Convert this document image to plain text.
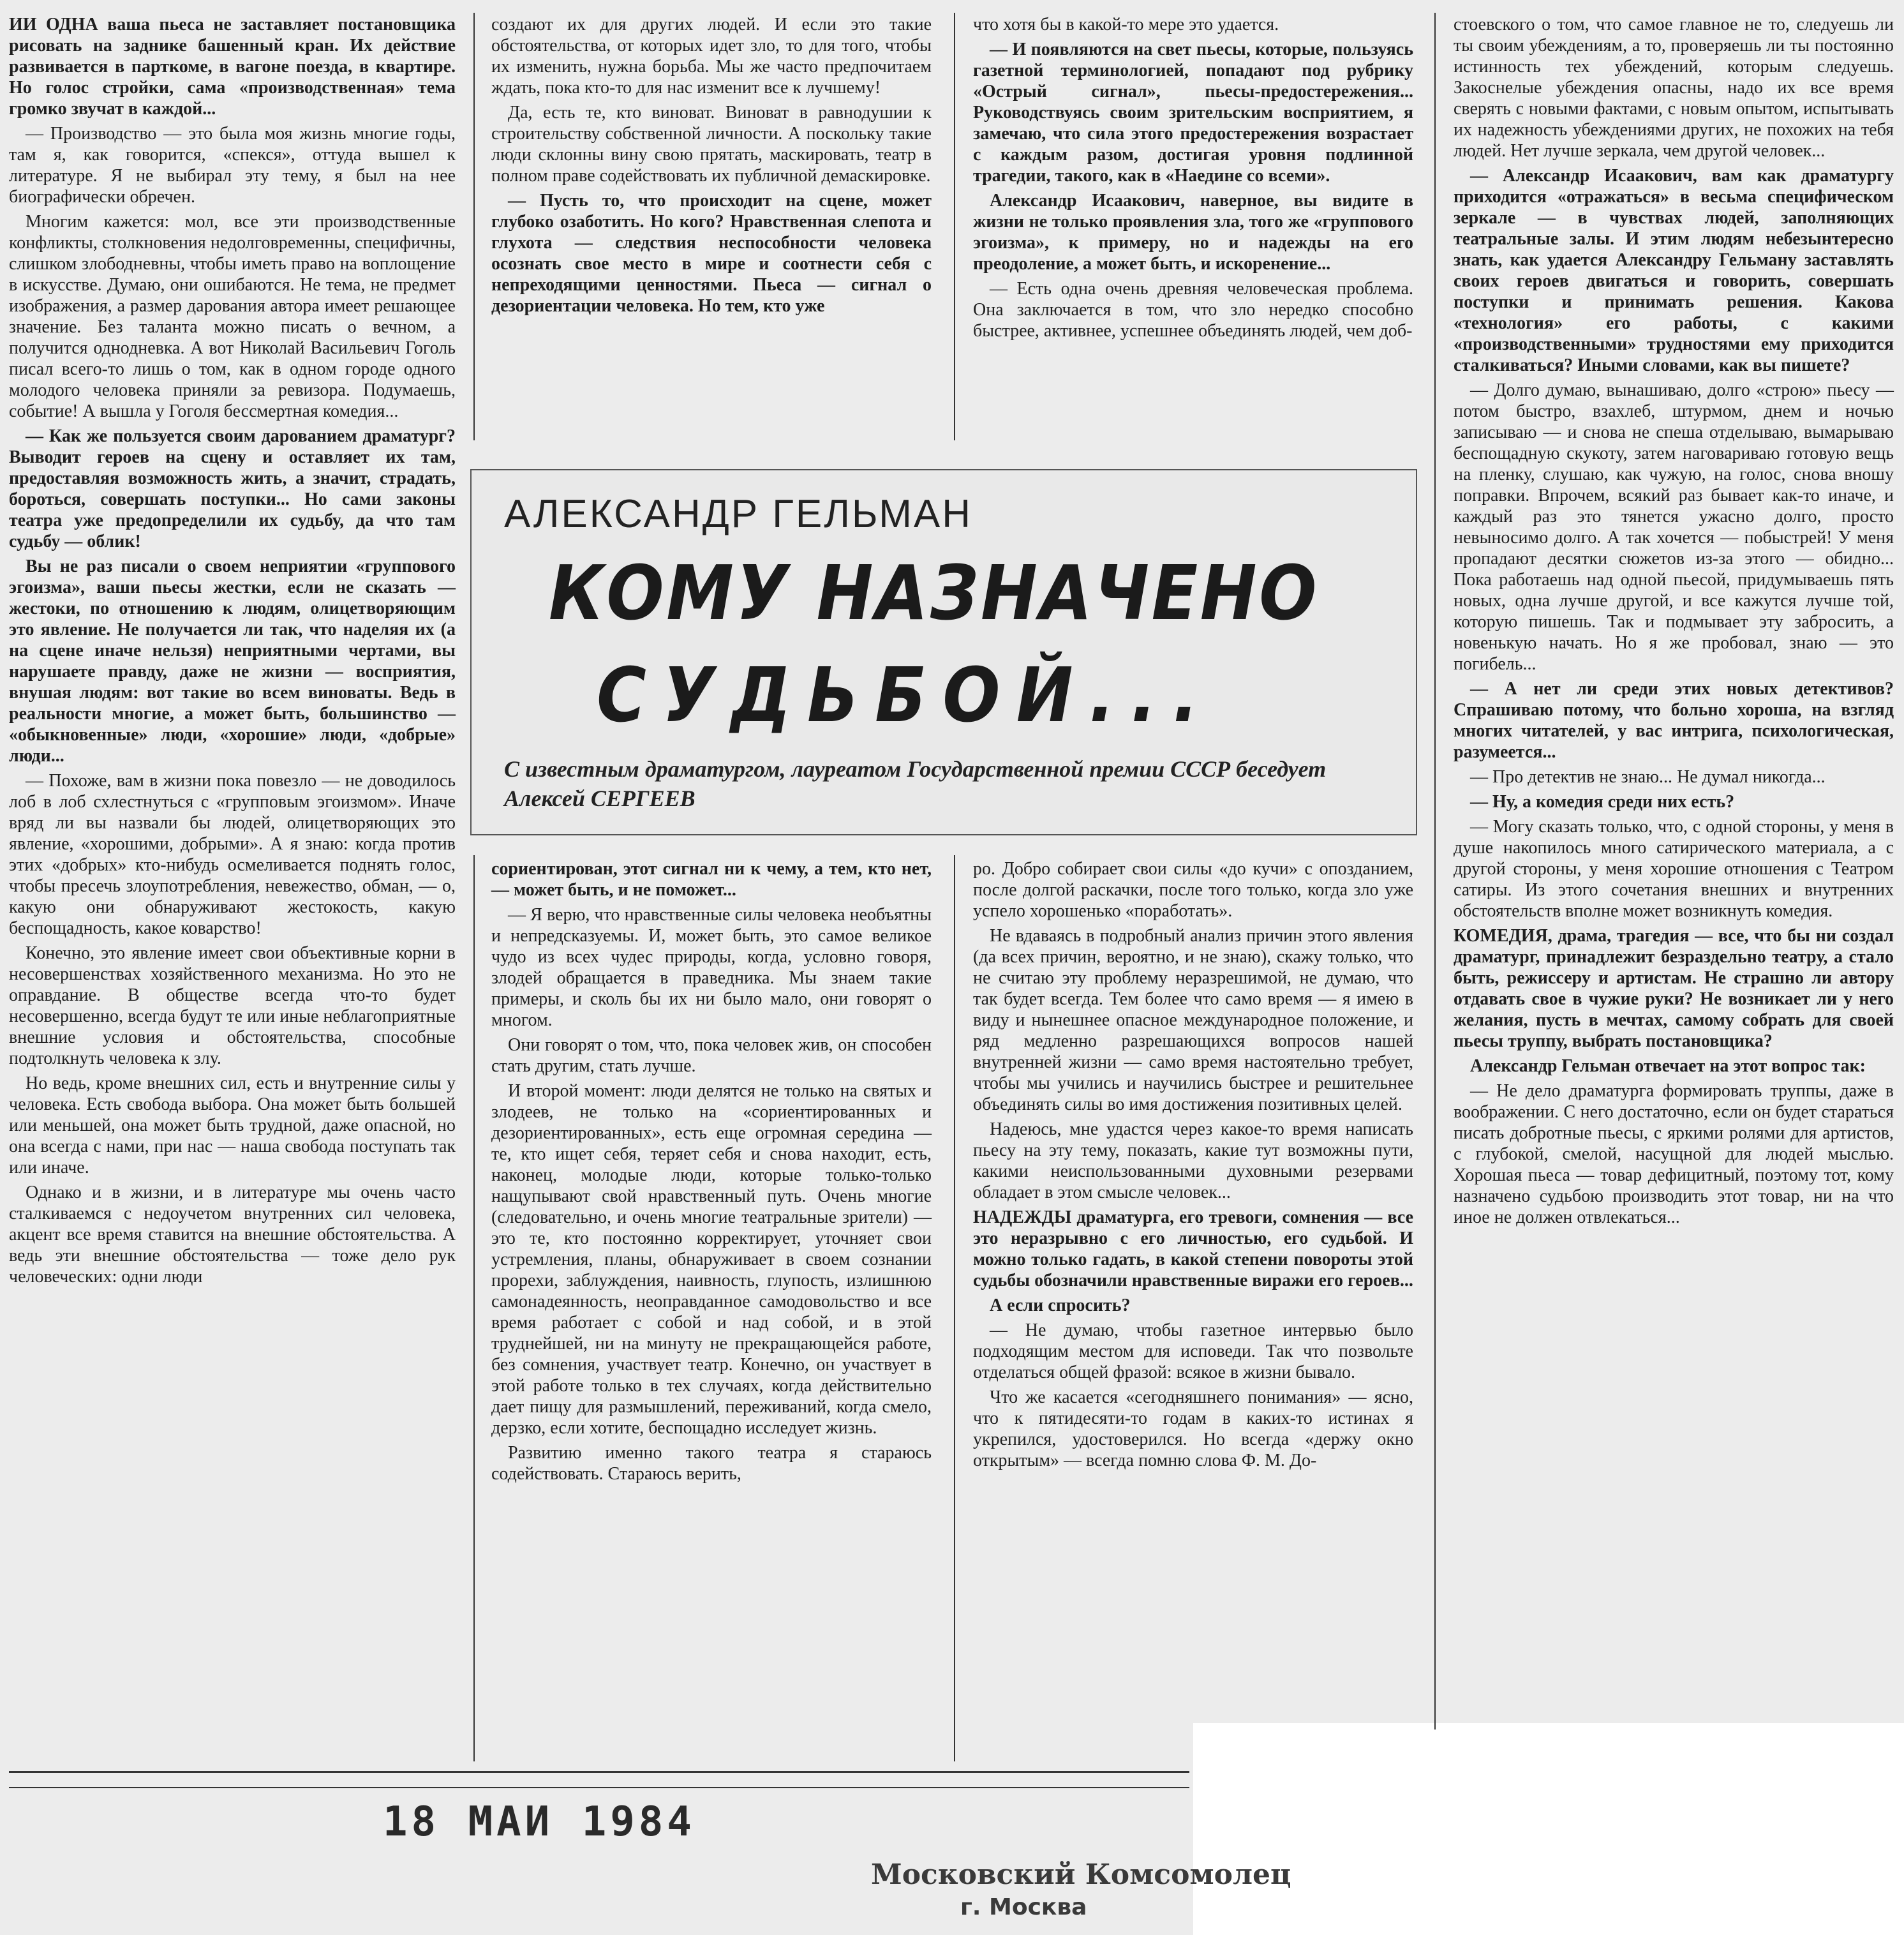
ИИ ОДНА ваша пьеса не заставляет постановщика рисовать на заднике башенный кран. Их действие развивается в парткоме, в вагоне поезда, в квартире. Но голос стройки, сама «производственная» тема громко звучат в каждой...

— Производство — это была моя жизнь многие годы, там я, как говорится, «спекся», оттуда вышел к литературе. Я не выбирал эту тему, я был на нее биографически обречен.

Многим кажется: мол, все эти производственные конфликты, столкновения недолговременны, специфичны, слишком злободневны, чтобы иметь право на воплощение в искусстве. Думаю, они ошибаются. Не тема, не предмет изображения, а размер дарования автора имеет решающее значение. Без таланта можно писать о вечном, а получится однодневка. А вот Николай Васильевич Гоголь писал всего-то лишь о том, как в одном городе одного молодого человека приняли за ревизора. Подумаешь, событие! А вышла у Гоголя бессмертная комедия...

— Как же пользуется своим дарованием драматург? Выводит героев на сцену и оставляет их там, предоставляя возможность жить, а значит, страдать, бороться, совершать поступки... Но сами законы театра уже предопределили их судьбу, да что там судьбу — облик!

Вы не раз писали о своем неприятии «группового эгоизма», ваши пьесы жестки, если не сказать — жестоки, по отношению к людям, олицетворяющим это явление. Не получается ли так, что наделяя их (а на сцене иначе нельзя) неприятными чертами, вы нарушаете правду, даже не жизни — восприятия, внушая людям: вот такие во всем виноваты. Ведь в реальности многие, а может быть, большинство — «обыкновенные» люди, «хорошие» люди, «добрые» люди...

— Похоже, вам в жизни пока повезло — не доводилось лоб в лоб схлестнуться с «групповым эгоизмом». Иначе вряд ли вы назвали бы людей, олицетворяющих это явление, «хорошими, добрыми». А я знаю: когда против этих «добрых» кто-нибудь осмеливается поднять голос, чтобы пресечь злоупотребления, невежество, обман, — о, какую они обнаруживают жестокость, какую беспощадность, какое коварство!

Конечно, это явление имеет свои объективные корни в несовершенствах хозяйственного механизма. Но это не оправдание. В обществе всегда что-то будет несовершенно, всегда будут те или иные неблагоприятные внешние условия и обстоятельства, способные подтолкнуть человека к злу.

Но ведь, кроме внешних сил, есть и внутренние силы у человека. Есть свобода выбора. Она может быть большей или меньшей, она может быть трудной, даже опасной, но она всегда с нами, при нас — наша свобода поступать так или иначе.

Однако и в жизни, и в литературе мы очень часто сталкиваемся с недоучетом внутренних сил человека, акцент все время ставится на внешние обстоятельства. А ведь эти внешние обстоятельства — тоже дело рук человеческих: одни люди

создают их для других людей. И если это такие обстоятельства, от которых идет зло, то для того, чтобы их изменить, нужна борьба. Мы же часто предпочитаем ждать, пока кто-то для нас изменит все к лучшему!

Да, есть те, кто виноват. Виноват в равнодушии к строительству собственной личности. А поскольку такие люди склонны вину свою прятать, маскировать, театр в полном праве содействовать их публичной демаскировке.

— Пусть то, что происходит на сцене, может глубоко озаботить. Но кого? Нравственная слепота и глухота — следствия неспособности человека осознать свое место в мире и соотнести себя с непреходящими ценностями. Пьеса — сигнал о дезориентации человека. Но тем, кто уже

что хотя бы в какой-то мере это удается.

— И появляются на свет пьесы, которые, пользуясь газетной терминологией, попадают под рубрику «Острый сигнал», пьесы-предостережения... Руководствуясь своим зрительским восприятием, я замечаю, что сила этого предостережения возрастает с каждым разом, достигая уровня подлинной трагедии, такого, как в «Наедине со всеми».

Александр Исаакович, наверное, вы видите в жизни не только проявления зла, того же «группового эгоизма», к примеру, но и надежды на его преодоление, а может быть, и искоренение...

— Есть одна очень древняя человеческая проблема. Она заключается в том, что зло нередко способно быстрее, активнее, успешнее объединять людей, чем доб-

стоевского о том, что самое главное не то, следуешь ли ты своим убеждениям, а то, проверяешь ли ты постоянно истинность тех убеждений, которым следуешь. Закоснелые убеждения опасны, надо их все время сверять с новыми фактами, с новым опытом, испытывать их надежность убеждениями других, не похожих на тебя людей. Нет лучше зеркала, чем другой человек...

— Александр Исаакович, вам как драматургу приходится «отражаться» в весьма специфическом зеркале — в чувствах людей, заполняющих театральные залы. И этим людям небезынтересно знать, как удается Александру Гельману заставлять своих героев двигаться и говорить, совершать поступки и принимать решения. Какова «технология» его работы, с какими «производственными» трудностями ему приходится сталкиваться? Иными словами, как вы пишете?

— Долго думаю, вынашиваю, долго «строю» пьесу — потом быстро, взахлеб, штурмом, днем и ночью записываю — и снова не спеша отделываю, вымарываю беспощадную скукоту, затем наговариваю готовую вещь на пленку, слушаю, как чужую, на голос, снова вношу поправки. Впрочем, всякий раз бывает как-то иначе, и каждый раз это тянется ужасно долго, просто невыносимо долго. А так хочется — побыстрей! У меня пропадают десятки сюжетов из-за этого — обидно... Пока работаешь над одной пьесой, придумываешь пять новых, одна лучше другой, и все кажутся лучше той, которую пишешь. Так и подмывает эту забросить, а новенькую начать. Но я же пробовал, знаю — это погибель...

— А нет ли среди этих новых детективов? Спрашиваю потому, что больно хороша, на взгляд многих читателей, у вас интрига, психологическая, разумеется...

— Про детектив не знаю... Не думал никогда...

— Ну, а комедия среди них есть?

— Могу сказать только, что, с одной стороны, у меня в душе накопилось много сатирического материала, а с другой стороны, у меня хорошие отношения с Театром сатиры. Из этого сочетания внешних и внутренних обстоятельств вполне может возникнуть комедия.

КОМЕДИЯ, драма, трагедия — все, что бы ни создал драматург, принадлежит безраздельно театру, а стало быть, режиссеру и артистам. Не страшно ли автору отдавать свое в чужие руки? Не возникает ли у него желания, пусть в мечтах, самому собрать для своей пьесы труппу, выбрать постановщика?

Александр Гельман отвечает на этот вопрос так:

— Не дело драматурга формировать труппы, даже в воображении. С него достаточно, если он будет стараться писать добротные пьесы, с яркими ролями для артистов, с глубокой, смелой, насущной для людей мыслью. Хорошая пьеса — товар дефицитный, поэтому тот, кому назначено судьбою производить этот товар, ни на что иное не должен отвлекаться...

АЛЕКСАНДР ГЕЛЬМАН
КОМУ НАЗНАЧЕНО
СУДЬБОЙ...
С известным драматургом, лауреатом Государственной премии СССР беседует Алексей СЕРГЕЕВ

сориентирован, этот сигнал ни к чему, а тем, кто нет, — может быть, и не поможет...

— Я верю, что нравственные силы человека необъятны и непредсказуемы. И, может быть, это самое великое чудо из всех чудес природы, когда, условно говоря, злодей обращается в праведника. Мы знаем такие примеры, и сколь бы их ни было мало, они говорят о многом.

Они говорят о том, что, пока человек жив, он способен стать другим, стать лучше.

И второй момент: люди делятся не только на святых и злодеев, не только на «сориентированных и дезориентированных», есть еще огромная середина — те, кто ищет себя, теряет себя и снова находит, есть, наконец, молодые люди, которые только-только нащупывают свой нравственный путь. Очень многие (следовательно, и очень многие театральные зрители) — это те, кто постоянно корректирует, уточняет свои устремления, планы, обнаруживает в своем сознании прорехи, заблуждения, наивность, глупость, излишнюю самонадеянность, неоправданное самодовольство и все время работает с собой и над собой, и в этой труднейшей, ни на минуту не прекращающейся работе, без сомнения, участвует театр. Конечно, он участвует в этой работе только в тех случаях, когда действительно дает пищу для размышлений, переживаний, когда смело, дерзко, если хотите, беспощадно исследует жизнь.

Развитию именно такого театра я стараюсь содействовать. Стараюсь верить,

ро. Добро собирает свои силы «до кучи» с опозданием, после долгой раскачки, после того только, когда зло уже успело хорошенько «поработать».

Не вдаваясь в подробный анализ причин этого явления (да всех причин, вероятно, и не знаю), скажу только, что не считаю эту проблему неразрешимой, не думаю, что так будет всегда. Тем более что само время — я имею в виду и нынешнее опасное международное положение, и ряд медленно разрешающихся вопросов нашей внутренней жизни — само время настоятельно требует, чтобы мы учились и научились быстрее и решительнее объединять силы во имя достижения позитивных целей.

Надеюсь, мне удастся через какое-то время написать пьесу на эту тему, показать, какие тут возможны пути, какими неиспользованными духовными резервами обладает в этом смысле человек...

НАДЕЖДЫ драматурга, его тревоги, сомнения — все это неразрывно с его личностью, его судьбой. И можно только гадать, в какой степени повороты этой судьбы обозначили нравственные виражи его героев...

А если спросить?

— Не думаю, чтобы газетное интервью было подходящим местом для исповеди. Так что позвольте отделаться общей фразой: всякое в жизни бывало.

Что же касается «сегодняшнего понимания» — ясно, что к пятидесяти-то годам в каких-то истинах я укрепился, удостоверился. Но всегда «держу окно открытым» — всегда помню слова Ф. М. До-

18 МАИ 1984
Московский Комсомолец
г. Москва
